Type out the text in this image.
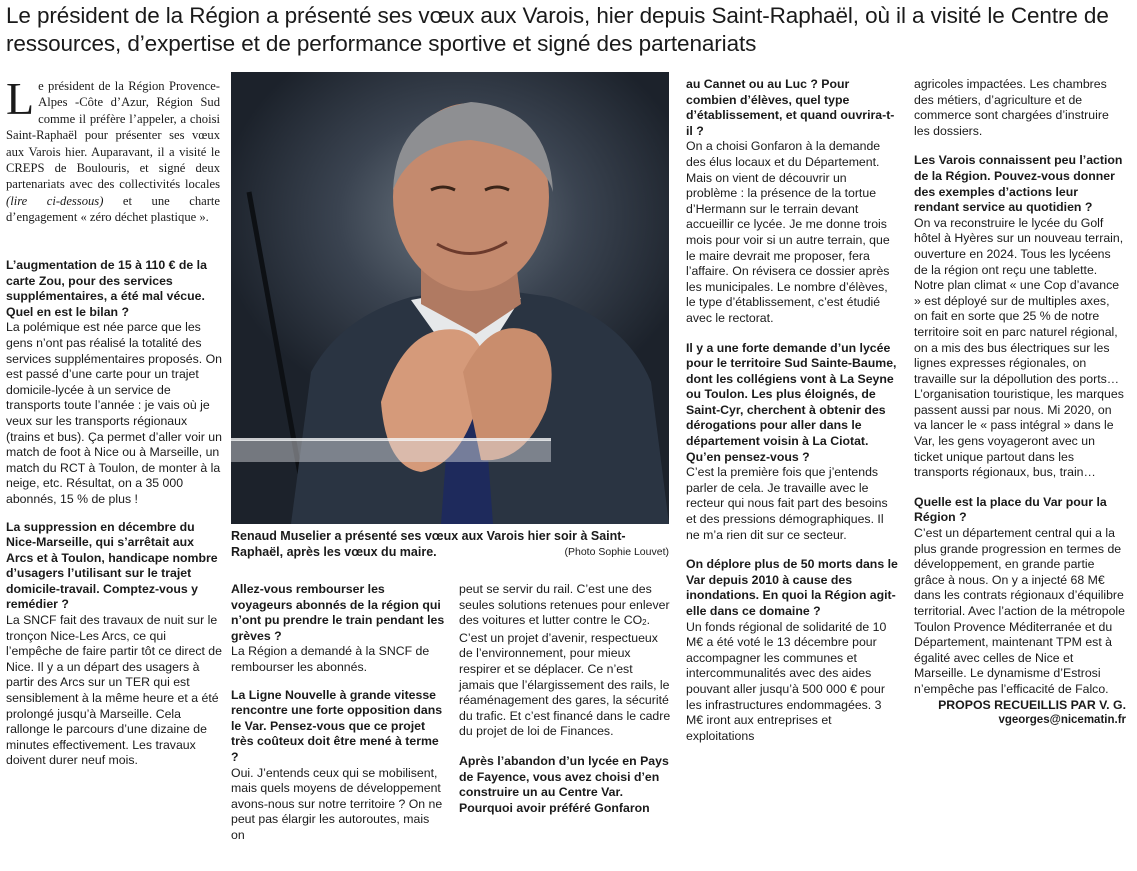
Le président de la Région a présenté ses vœux aux Varois, hier depuis Saint-Raphaël, où il a visité le Centre de ressources, d’expertise et de performance sportive et signé des partenariats
Le président de la Région Provence-Alpes -Côte d’Azur, Région Sud comme il préfère l’appeler, a choisi Saint-Raphaël pour présenter ses vœux aux Varois hier. Auparavant, il a visité le CREPS de Boulouris, et signé deux partenariats avec des collectivités locales (lire ci-dessous) et une charte d’engagement « zéro déchet plastique ».

L’augmentation de 15 à 110 € de la carte Zou, pour des services supplémentaires, a été mal vécue. Quel en est le bilan ?

La polémique est née parce que les gens n’ont pas réalisé la totalité des services supplémentaires proposés. On est passé d’une carte pour un trajet domicile-lycée à un service de transports toute l’année : je vais où je veux sur les transports régionaux (trains et bus). Ça permet d’aller voir un match de foot à Nice ou à Marseille, un match du RCT à Toulon, de monter à la neige, etc. Résultat, on a 35 000 abonnés, 15 % de plus !

La suppression en décembre du Nice-Marseille, qui s’arrêtait aux Arcs et à Toulon, handicape nombre d’usagers l’utilisant sur le trajet domicile-travail. Comptez-vous y remédier ?

La SNCF fait des travaux de nuit sur le tronçon Nice-Les Arcs, ce qui l’empêche de faire partir tôt ce direct de Nice. Il y a un départ des usagers à partir des Arcs sur un TER qui est sensiblement à la même heure et a été prolongé jusqu’à Marseille. Cela rallonge le parcours d’une dizaine de minutes effectivement. Les travaux doivent durer neuf mois.

Renaud Muselier a présenté ses vœux aux Varois hier soir à Saint-Raphaël, après les vœux du maire.	(Photo Sophie Louvet)

Allez-vous rembourser les voyageurs abonnés de la région qui n’ont pu prendre le train pendant les grèves ?

La Région a demandé à la SNCF de rembourser les abonnés.

La Ligne Nouvelle à grande vitesse rencontre une forte opposition dans le Var. Pensez-vous que ce projet très coûteux doit être mené à terme ?

Oui. J’entends ceux qui se mobilisent, mais quels moyens de développement avons-nous sur notre territoire ? On ne peut pas élargir les autoroutes, mais on

peut se servir du rail. C’est une des seules solutions retenues pour enlever des voitures et lutter contre le $CO_2$. C’est un projet d’avenir, respectueux de l’environnement, pour mieux respirer et se déplacer. Ce n’est jamais que l’élargissement des rails, le réaménagement des gares, la sécurité du trafic. Et c’est financé dans le cadre du projet de loi de Finances.

Après l’abandon d’un lycée en Pays de Fayence, vous avez choisi d’en construire un au Centre Var. Pourquoi avoir préféré Gonfaron

au Cannet ou au Luc ? Pour combien d’élèves, quel type d’établissement, et quand ouvrira-t-il ?

On a choisi Gonfaron à la demande des élus locaux et du Département. Mais on vient de découvrir un problème : la présence de la tortue d’Hermann sur le terrain devant accueillir ce lycée. Je me donne trois mois pour voir si un autre terrain, que le maire devrait me proposer, fera l’affaire. On révisera ce dossier après les municipales. Le nombre d’élèves, le type d’établissement, c’est étudié avec le rectorat.

Il y a une forte demande d’un lycée pour le territoire Sud Sainte-Baume, dont les collégiens vont à La Seyne ou Toulon. Les plus éloignés, de Saint-Cyr, cherchent à obtenir des dérogations pour aller dans le département voisin à La Ciotat. Qu’en pensez-vous ?

C’est la première fois que j’entends parler de cela. Je travaille avec le recteur qui nous fait part des besoins et des pressions démographiques. Il ne m’a rien dit sur ce secteur.

On déplore plus de 50 morts dans le Var depuis 2010 à cause des inondations. En quoi la Région agit-elle dans ce domaine ?

Un fonds régional de solidarité de 10 M€ a été voté le 13 décembre pour accompagner les communes et intercommunalités avec des aides pouvant aller jusqu’à 500 000 € pour les infrastructures endommagées. 3 M€ iront aux entreprises et exploitations

agricoles impactées. Les chambres des métiers, d’agriculture et de commerce sont chargées d’instruire les dossiers.

Les Varois connaissent peu l’action de la Région. Pouvez-vous donner des exemples d’actions leur rendant service au quotidien ?

On va reconstruire le lycée du Golf hôtel à Hyères sur un nouveau terrain, ouverture en 2024. Tous les lycéens de la région ont reçu une tablette. Notre plan climat « une Cop d’avance » est déployé sur de multiples axes, on fait en sorte que 25 % de notre territoire soit en parc naturel régional, on a mis des bus électriques sur les lignes expresses régionales, on travaille sur la dépollution des ports… L’organisation touristique, les marques passent aussi par nous. Mi 2020, on va lancer le « pass intégral » dans le Var, les gens voyageront avec un ticket unique partout dans les transports régionaux, bus, train…

Quelle est la place du Var pour la Région ?

C’est un département central qui a la plus grande progression en termes de développement, en grande partie grâce à nous. On y a injecté 68 M€ dans les contrats régionaux d’équilibre territorial. Avec l’action de la métropole Toulon Provence Méditerranée et du Département, maintenant TPM est à égalité avec celles de Nice et Marseille. Le dynamisme d’Estrosi n’empêche pas l’efficacité de Falco.

PROPOS RECUEILLIS PAR V. G.

vgeorges@nicematin.fr
